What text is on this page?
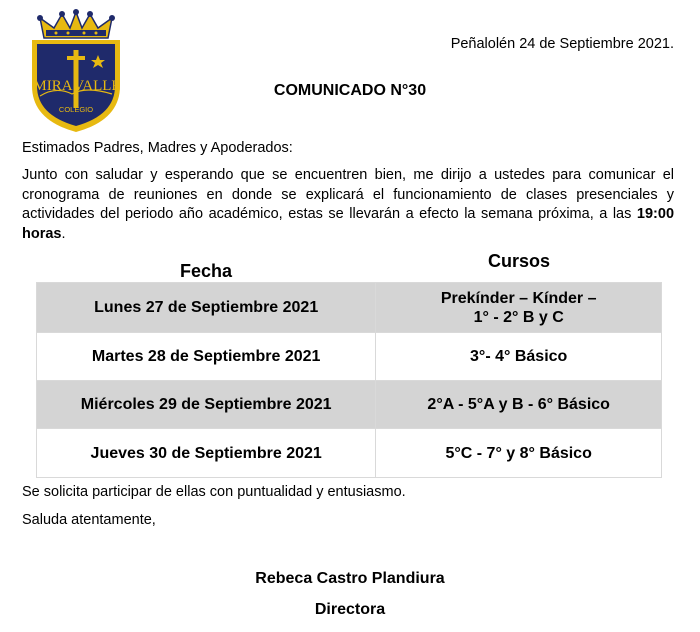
MIRA VALLE
COLEGIO
Peñalolén 24 de Septiembre 2021.
COMUNICADO N°30
Estimados Padres, Madres y Apoderados:
Junto con saludar y esperando que se encuentren bien, me dirijo a ustedes para comunicar el cronograma de reuniones en donde se explicará el funcionamiento de clases presenciales y actividades del periodo año académico, estas se llevarán a efecto la semana próxima, a las 19:00 horas.
Fecha	Cursos
Lunes 27 de Septiembre 2021	Prekínder – Kínder –
1° - 2° B y C
Martes 28 de Septiembre 2021	3°- 4° Básico
Miércoles 29 de Septiembre 2021	2°A - 5°A y B - 6° Básico
Jueves 30 de Septiembre 2021	5°C - 7° y 8° Básico
Se solicita participar de ellas con puntualidad y entusiasmo.
Saluda atentamente,
Rebeca Castro Plandiura
Directora
